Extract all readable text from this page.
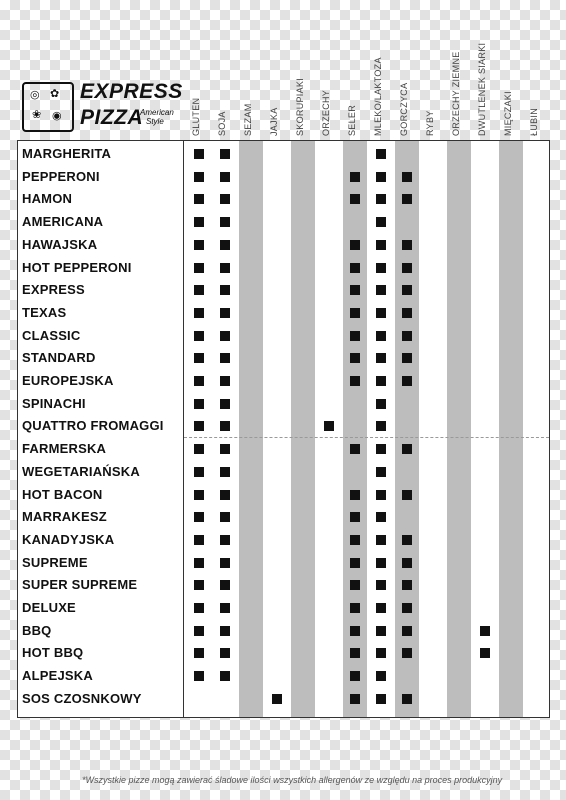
◎ ✿
❀ ◉
EXPRESS
PIZZA
American
Style	GLUTEN SOJA SEZAM JAJKA SKORUPIAKI ORZECHY SELER MLEKO/LAKTOZA GORCZYCA RYBY ORZECHY ZIEMNE DWUTLENEK SIARKI MIĘCZAKI ŁUBIN
MARGHERITA
PEPPERONI
HAMON
AMERICANA
HAWAJSKA
HOT PEPPERONI
EXPRESS
TEXAS
CLASSIC
STANDARD
EUROPEJSKA
SPINACHI
QUATTRO FROMAGGI
FARMERSKA
WEGETARIAŃSKA
HOT BACON
MARRAKESZ
KANADYJSKA
SUPREME
SUPER SUPREME
DELUXE
BBQ
HOT BBQ
ALPEJSKA
SOS CZOSNKOWY
*Wszystkie pizze mogą zawierać śladowe ilości wszystkich allergenów ze względu na proces produkcyjny
